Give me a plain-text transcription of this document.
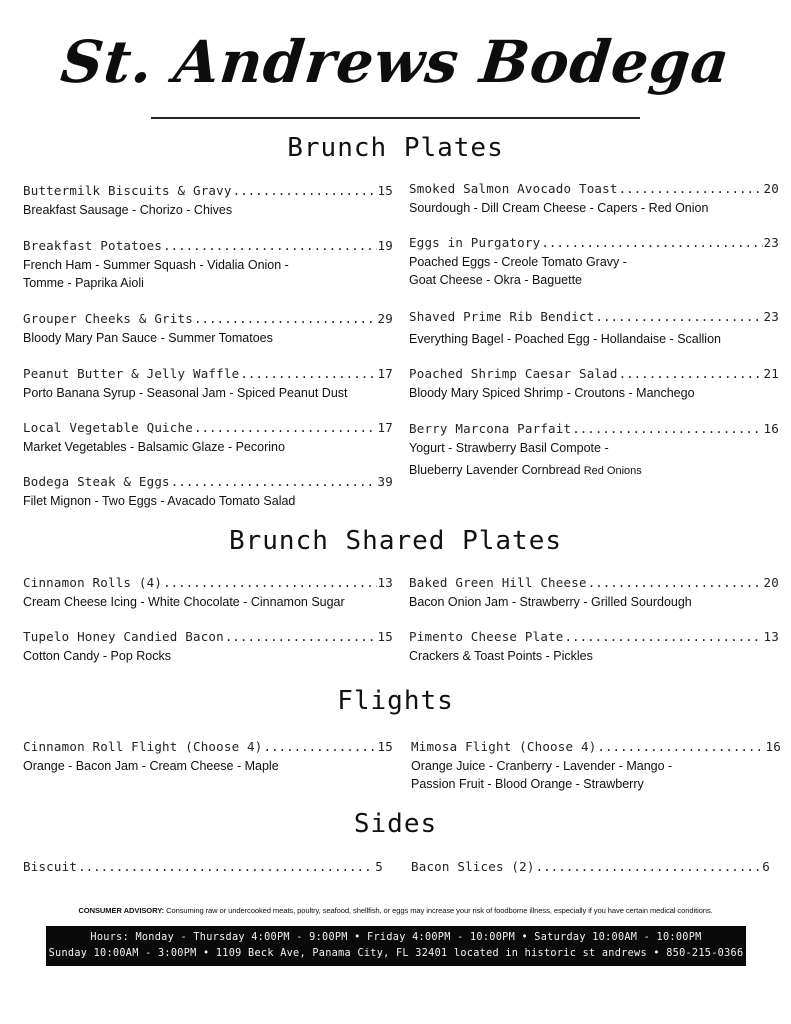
St. Andrews Bodega
Brunch Plates
Buttermilk Biscuits & Gravy .....	15
Breakfast Sausage - Chorizo - Chives
Breakfast Potatoes .....	19
French Ham - Summer Squash - Vidalia Onion -
Tomme - Paprika Aioli
Grouper Cheeks & Grits .....	29
Bloody Mary Pan Sauce - Summer Tomatoes
Peanut Butter & Jelly Waffle .....	17
Porto Banana Syrup - Seasonal Jam - Spiced Peanut Dust
Local Vegetable Quiche .....	17
Market Vegetables - Balsamic Glaze - Pecorino
Bodega Steak & Eggs .....	39
Filet Mignon - Two Eggs - Avacado Tomato Salad
Smoked Salmon Avocado Toast .....	20
Sourdough - Dill Cream Cheese - Capers - Red Onion
Eggs in Purgatory .....	23
Poached Eggs - Creole Tomato Gravy -
Goat Cheese - Okra - Baguette
Shaved Prime Rib Bendict .....	23
Everything Bagel - Poached Egg - Hollandaise - Scallion
Poached Shrimp Caesar Salad .....	21
Bloody Mary Spiced Shrimp - Croutons - Manchego
Berry Marcona Parfait .....	16
Yogurt - Strawberry Basil Compote -
Blueberry Lavender Cornbread Red Onions
Brunch Shared Plates
Cinnamon Rolls (4) .....	13
Cream Cheese Icing - White Chocolate - Cinnamon Sugar
Tupelo Honey Candied Bacon .....	15
Cotton Candy - Pop Rocks
Baked Green Hill Cheese .....	20
Bacon Onion Jam - Strawberry - Grilled Sourdough
Pimento Cheese Plate .....	13
Crackers & Toast Points - Pickles
Flights
Cinnamon Roll Flight (Choose 4) .....	15
Orange - Bacon Jam - Cream Cheese - Maple
Mimosa Flight (Choose 4) .....	16
Orange Juice - Cranberry - Lavender - Mango -
Passion Fruit - Blood Orange - Strawberry
Sides
Biscuit .....	5 Bacon Slices (2) .....	6
CONSUMER ADVISORY: Consuming raw or undercooked meats, poultry, seafood, shellfish, or eggs may increase your risk of foodborne illness, especially if you have certain medical conditions.
Hours: Monday - Thursday 4:00PM - 9:00PM • Friday 4:00PM - 10:00PM • Saturday 10:00AM - 10:00PM
Sunday 10:00AM - 3:00PM • 1109 Beck Ave, Panama City, FL 32401 located in historic st andrews • 850-215-0366
